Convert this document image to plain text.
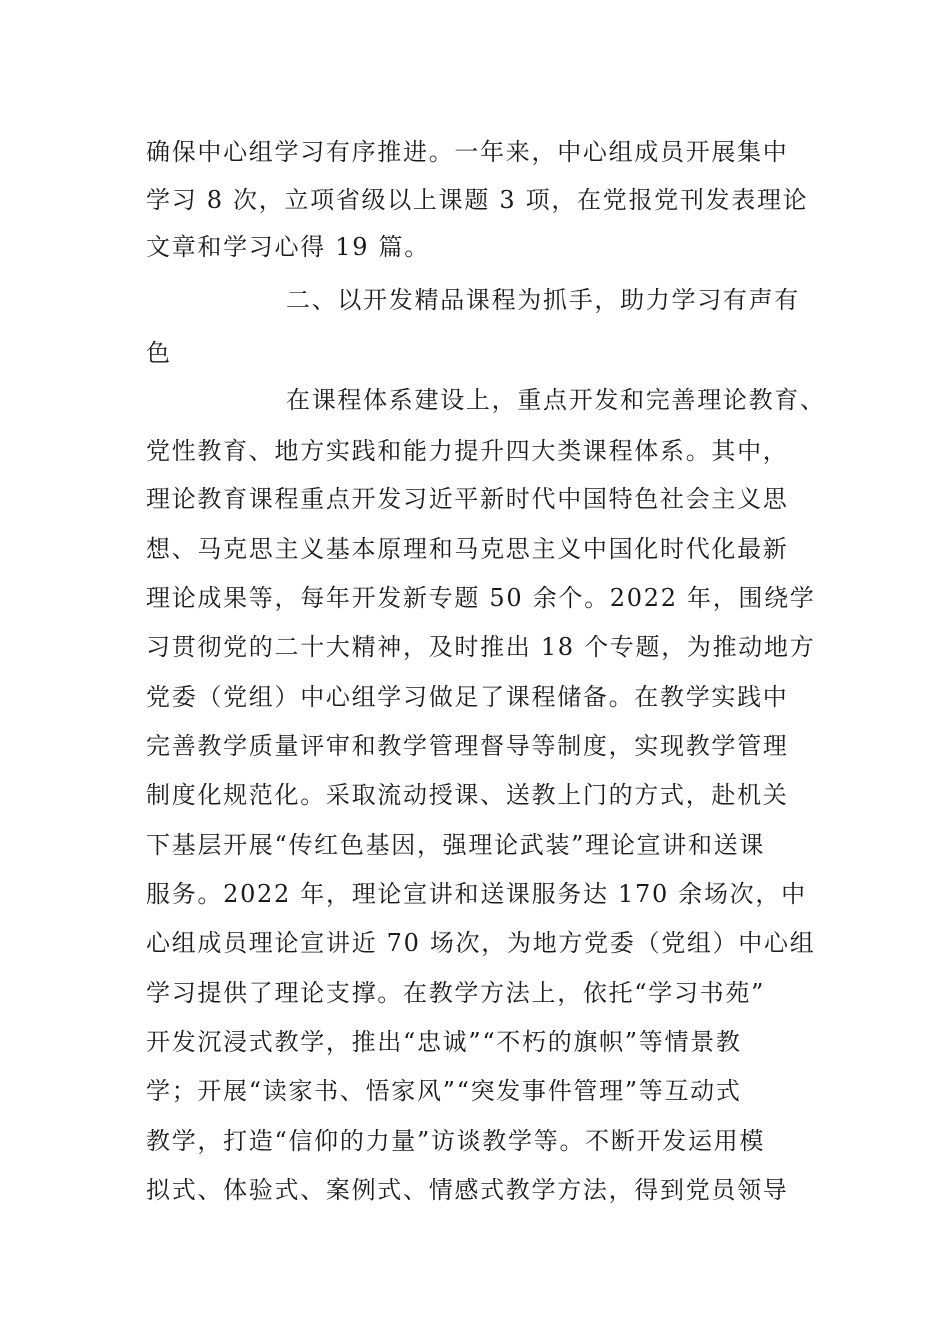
确保中心组学习有序推进。一年来，中心组成员开展集中
学习 8 次，立项省级以上课题 3 项，在党报党刊发表理论
文章和学习心得 19 篇。
二、以开发精品课程为抓手，助力学习有声有
色
在课程体系建设上，重点开发和完善理论教育、
党性教育、地方实践和能力提升四大类课程体系。其中，
理论教育课程重点开发习近平新时代中国特色社会主义思
想、马克思主义基本原理和马克思主义中国化时代化最新
理论成果等，每年开发新专题 50 余个。2022 年，围绕学
习贯彻党的二十大精神，及时推出 18 个专题，为推动地方
党委（党组）中心组学习做足了课程储备。在教学实践中
完善教学质量评审和教学管理督导等制度，实现教学管理
制度化规范化。采取流动授课、送教上门的方式，赴机关
下基层开展“传红色基因，强理论武装”理论宣讲和送课
服务。2022 年，理论宣讲和送课服务达 170 余场次，中
心组成员理论宣讲近 70 场次，为地方党委（党组）中心组
学习提供了理论支撑。在教学方法上，依托“学习书苑”
开发沉浸式教学，推出“忠诚”“不朽的旗帜”等情景教
学；开展“读家书、悟家风”“突发事件管理”等互动式
教学，打造“信仰的力量”访谈教学等。不断开发运用模
拟式、体验式、案例式、情感式教学方法，得到党员领导
